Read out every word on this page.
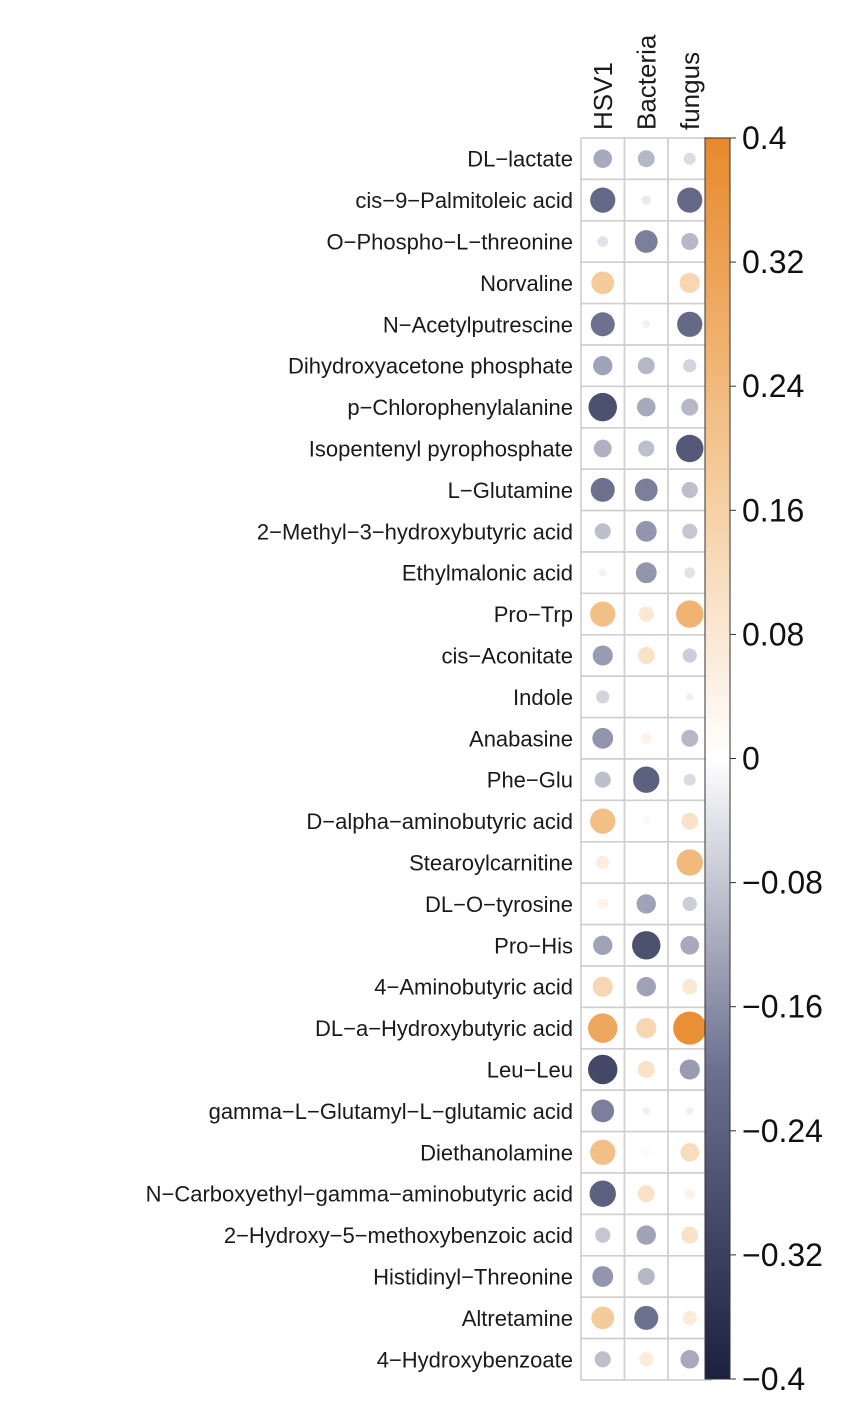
HSV1 Bacteria fungus
DL−lactate
cis−9−Palmitoleic acid
O−Phospho−L−threonine
Norvaline
N−Acetylputrescine
Dihydroxyacetone phosphate
p−Chlorophenylalanine
Isopentenyl pyrophosphate
L−Glutamine
2−Methyl−3−hydroxybutyric acid
Ethylmalonic acid
Pro−Trp
cis−Aconitate
Indole
Anabasine
Phe−Glu
D−alpha−aminobutyric acid
Stearoylcarnitine
DL−O−tyrosine
Pro−His
4−Aminobutyric acid
DL−a−Hydroxybutyric acid
Leu−Leu
gamma−L−Glutamyl−L−glutamic acid
Diethanolamine
N−Carboxyethyl−gamma−aminobutyric acid
2−Hydroxy−5−methoxybenzoic acid
Histidinyl−Threonine
Altretamine
4−Hydroxybenzoate
0.4
0.32
0.24
0.16
0.08
0
−0.08
−0.16
−0.24
−0.32
−0.4
